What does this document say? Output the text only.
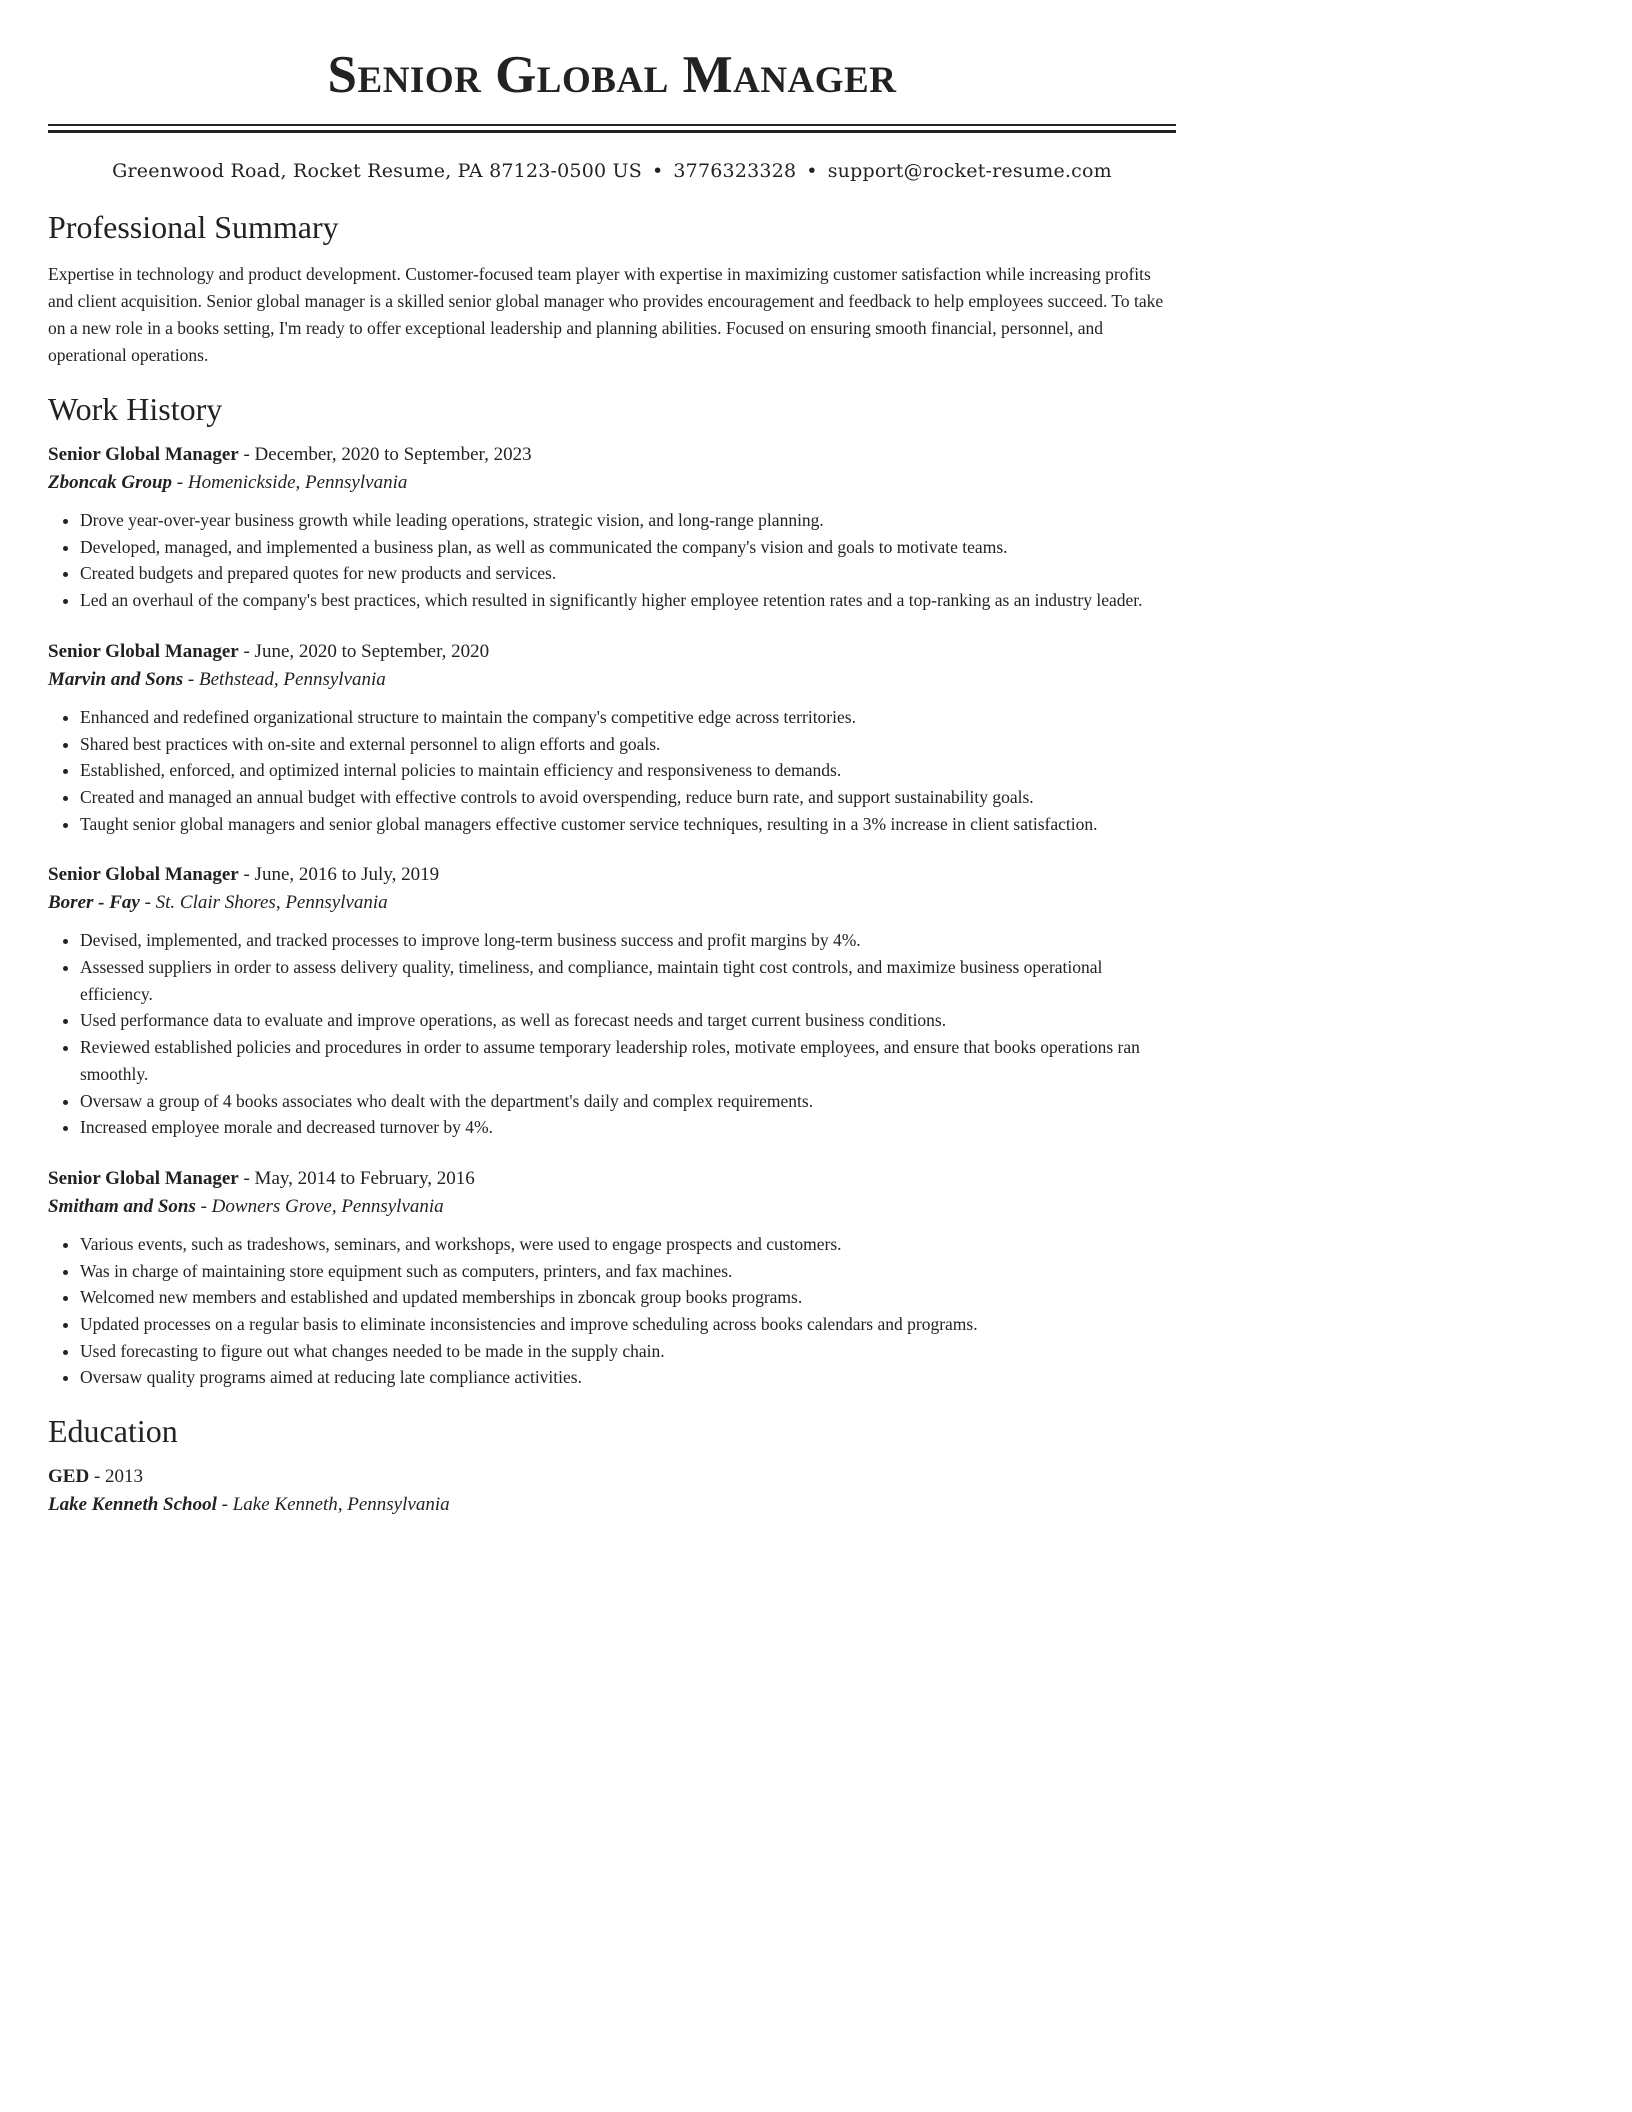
Senior Global Manager
Greenwood Road, Rocket Resume, PA 87123-0500 US • 3776323328 • support@rocket-resume.com
Professional Summary
Expertise in technology and product development. Customer-focused team player with expertise in maximizing customer satisfaction while increasing profits and client acquisition. Senior global manager is a skilled senior global manager who provides encouragement and feedback to help employees succeed. To take on a new role in a books setting, I'm ready to offer exceptional leadership and planning abilities. Focused on ensuring smooth financial, personnel, and operational operations.
Work History
Senior Global Manager - December, 2020 to September, 2023
Zboncak Group - Homenickside, Pennsylvania
• Drove year-over-year business growth while leading operations, strategic vision, and long-range planning.
• Developed, managed, and implemented a business plan, as well as communicated the company's vision and goals to motivate teams.
• Created budgets and prepared quotes for new products and services.
• Led an overhaul of the company's best practices, which resulted in significantly higher employee retention rates and a top-ranking as an industry leader.
Senior Global Manager - June, 2020 to September, 2020
Marvin and Sons - Bethstead, Pennsylvania
• Enhanced and redefined organizational structure to maintain the company's competitive edge across territories.
• Shared best practices with on-site and external personnel to align efforts and goals.
• Established, enforced, and optimized internal policies to maintain efficiency and responsiveness to demands.
• Created and managed an annual budget with effective controls to avoid overspending, reduce burn rate, and support sustainability goals.
• Taught senior global managers and senior global managers effective customer service techniques, resulting in a 3% increase in client satisfaction.
Senior Global Manager - June, 2016 to July, 2019
Borer - Fay - St. Clair Shores, Pennsylvania
• Devised, implemented, and tracked processes to improve long-term business success and profit margins by 4%.
• Assessed suppliers in order to assess delivery quality, timeliness, and compliance, maintain tight cost controls, and maximize business operational efficiency.
• Used performance data to evaluate and improve operations, as well as forecast needs and target current business conditions.
• Reviewed established policies and procedures in order to assume temporary leadership roles, motivate employees, and ensure that books operations ran smoothly.
• Oversaw a group of 4 books associates who dealt with the department's daily and complex requirements.
• Increased employee morale and decreased turnover by 4%.
Senior Global Manager - May, 2014 to February, 2016
Smitham and Sons - Downers Grove, Pennsylvania
• Various events, such as tradeshows, seminars, and workshops, were used to engage prospects and customers.
• Was in charge of maintaining store equipment such as computers, printers, and fax machines.
• Welcomed new members and established and updated memberships in zboncak group books programs.
• Updated processes on a regular basis to eliminate inconsistencies and improve scheduling across books calendars and programs.
• Used forecasting to figure out what changes needed to be made in the supply chain.
• Oversaw quality programs aimed at reducing late compliance activities.
Education
GED - 2013
Lake Kenneth School - Lake Kenneth, Pennsylvania
